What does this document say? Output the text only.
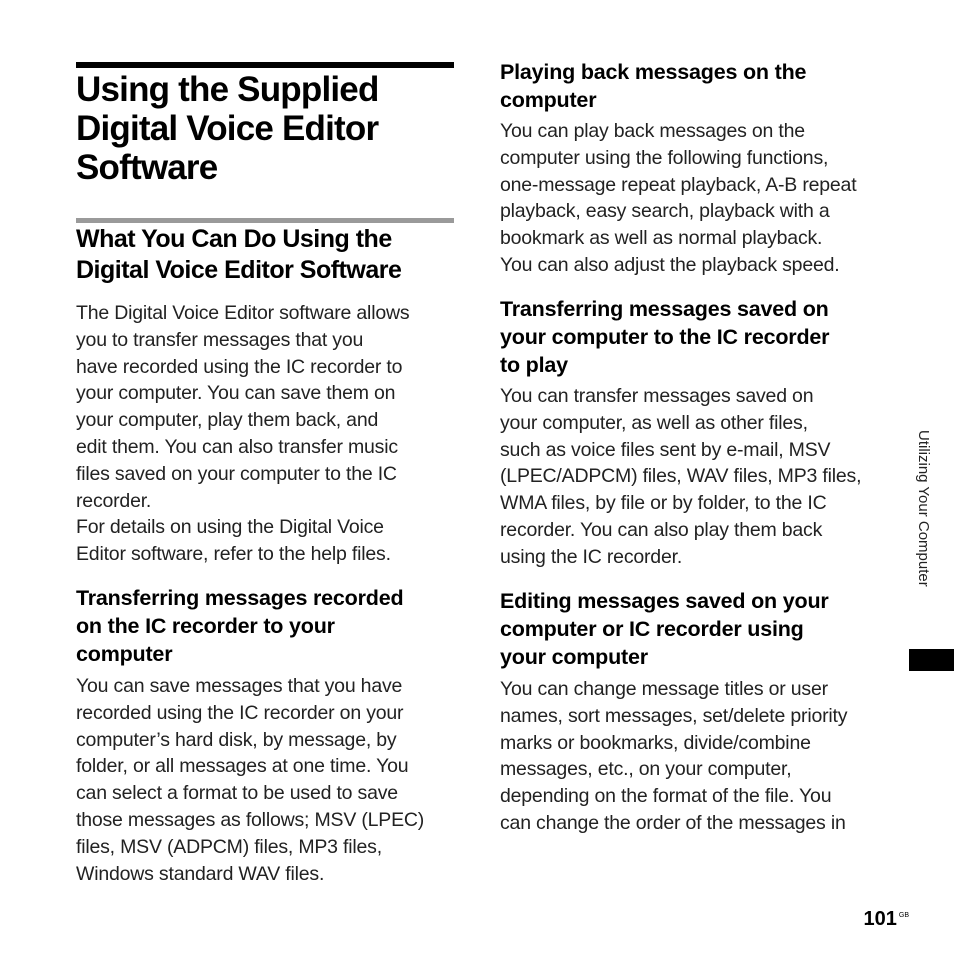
Using the Supplied
Digital Voice Editor
Software
What You Can Do Using the
Digital Voice Editor Software

The Digital Voice Editor software allows
you to transfer messages that you
have recorded using the IC recorder to
your computer. You can save them on
your computer, play them back, and
edit them. You can also transfer music
files saved on your computer to the IC
recorder.
For details on using the Digital Voice
Editor software, refer to the help files.

Transferring messages recorded
on the IC recorder to your
computer

You can save messages that you have
recorded using the IC recorder on your
computer’s hard disk, by message, by
folder, or all messages at one time. You
can select a format to be used to save
those messages as follows; MSV (LPEC)
files, MSV (ADPCM) files, MP3 files,
Windows standard WAV files.

Playing back messages on the
computer

You can play back messages on the
computer using the following functions,
one-message repeat playback, A-B repeat
playback, easy search, playback with a
bookmark as well as normal playback.
You can also adjust the playback speed.

Transferring messages saved on
your computer to the IC recorder
to play

You can transfer messages saved on
your computer, as well as other files,
such as voice files sent by e-mail, MSV
(LPEC/ADPCM) files, WAV files, MP3 files,
WMA files, by file or by folder, to the IC
recorder. You can also play them back
using the IC recorder.

Editing messages saved on your
computer or IC recorder using
your computer

You can change message titles or user
names, sort messages, set/delete priority
marks or bookmarks, divide/combine
messages, etc., on your computer,
depending on the format of the file. You
can change the order of the messages in

Utilizing Your Computer
101 $^{GB}$
